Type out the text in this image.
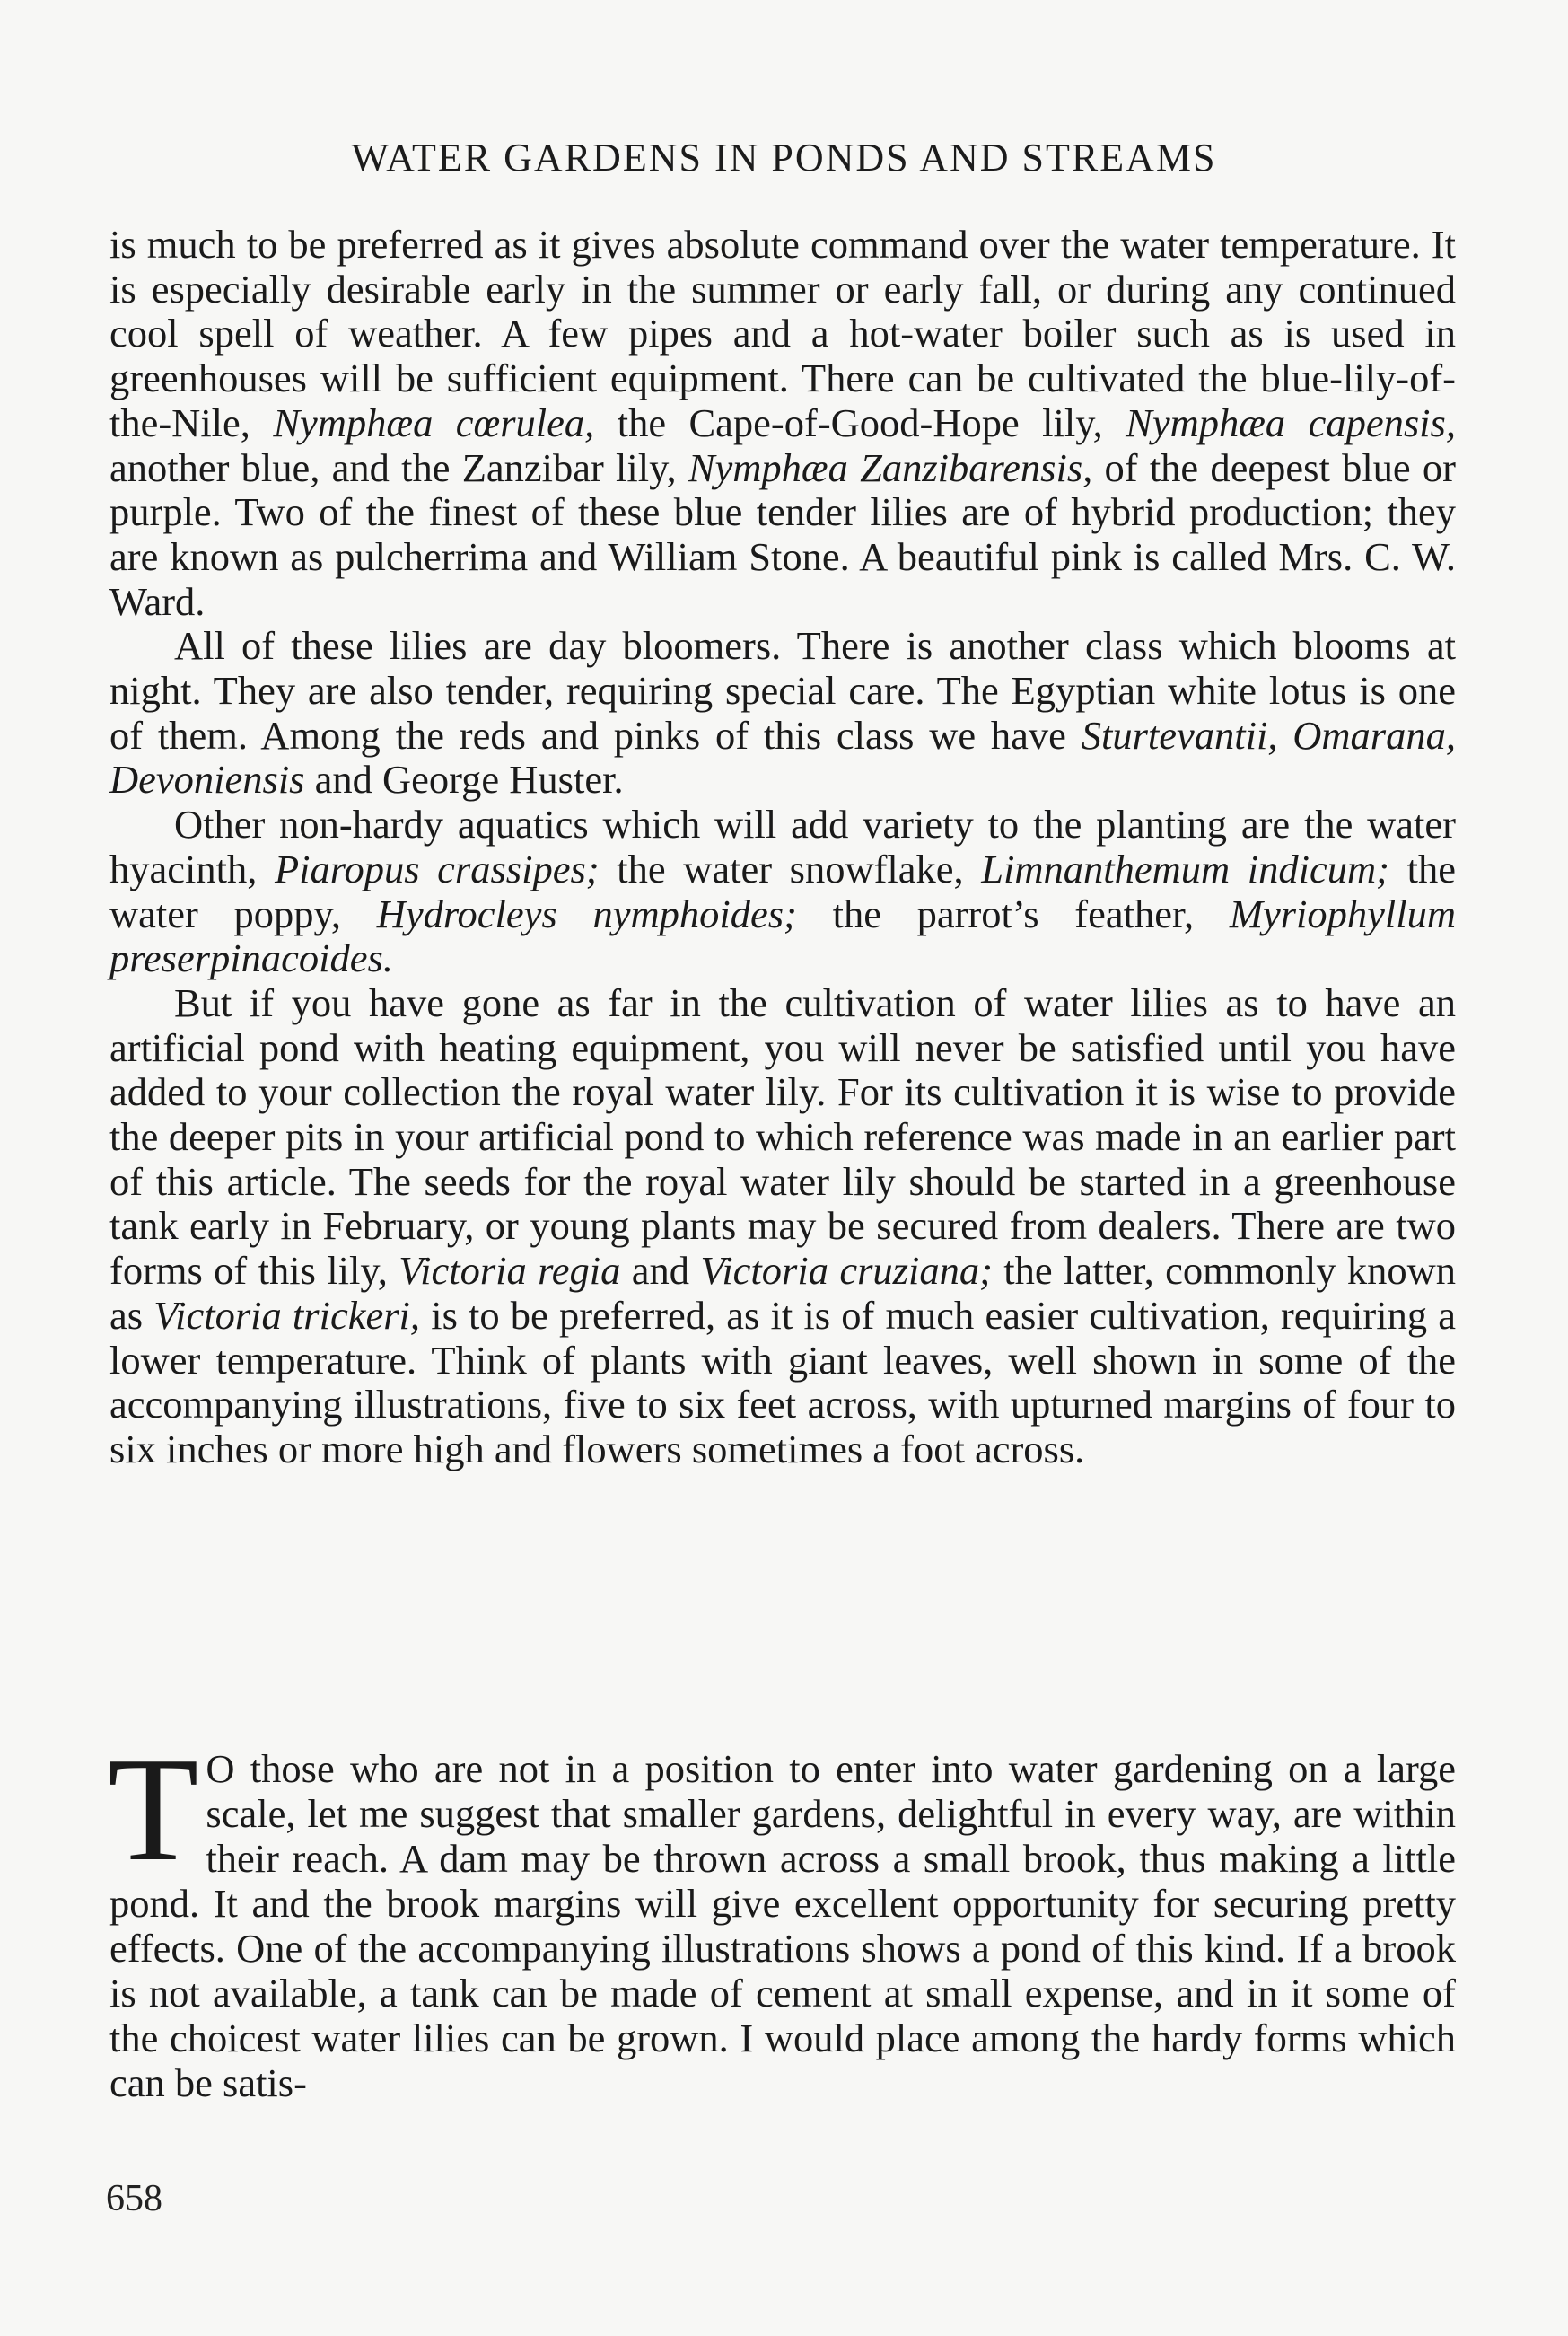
WATER GARDENS IN PONDS AND STREAMS

is much to be preferred as it gives absolute command over the water temperature. It is especially desirable early in the summer or early fall, or during any continued cool spell of weather. A few pipes and a hot-water boiler such as is used in greenhouses will be sufficient equipment. There can be cultivated the blue-lily-of-the-Nile, Nymphæa cœrulea, the Cape-of-Good-Hope lily, Nymphæa capensis, another blue, and the Zanzibar lily, Nymphæa Zanzibarensis, of the deepest blue or purple. Two of the finest of these blue tender lilies are of hybrid production; they are known as pulcherrima and William Stone. A beautiful pink is called Mrs. C. W. Ward.

All of these lilies are day bloomers. There is another class which blooms at night. They are also tender, requiring special care. The Egyptian white lotus is one of them. Among the reds and pinks of this class we have Sturtevantii, Omarana, Devoniensis and George Huster.

Other non-hardy aquatics which will add variety to the planting are the water hyacinth, Piaropus crassipes; the water snowflake, Limnanthemum indicum; the water poppy, Hydrocleys nymphoides; the parrot’s feather, Myriophyllum preserpinacoides.

But if you have gone as far in the cultivation of water lilies as to have an artificial pond with heating equipment, you will never be satisfied until you have added to your collection the royal water lily. For its cultivation it is wise to provide the deeper pits in your artificial pond to which reference was made in an earlier part of this article. The seeds for the royal water lily should be started in a greenhouse tank early in February, or young plants may be secured from dealers. There are two forms of this lily, Victoria regia and Victoria cruziana; the latter, commonly known as Victoria trickeri, is to be preferred, as it is of much easier cultivation, requiring a lower temperature. Think of plants with giant leaves, well shown in some of the accompanying illustrations, five to six feet across, with upturned margins of four to six inches or more high and flowers sometimes a foot across.

T O those who are not in a position to enter into water gardening on a large scale, let me suggest that smaller gardens, delightful in every way, are within their reach. A dam may be thrown across a small brook, thus making a little pond. It and the brook margins will give excellent opportunity for securing pretty effects. One of the accompanying illustrations shows a pond of this kind. If a brook is not available, a tank can be made of cement at small expense, and in it some of the choicest water lilies can be grown. I would place among the hardy forms which can be satis-

658
